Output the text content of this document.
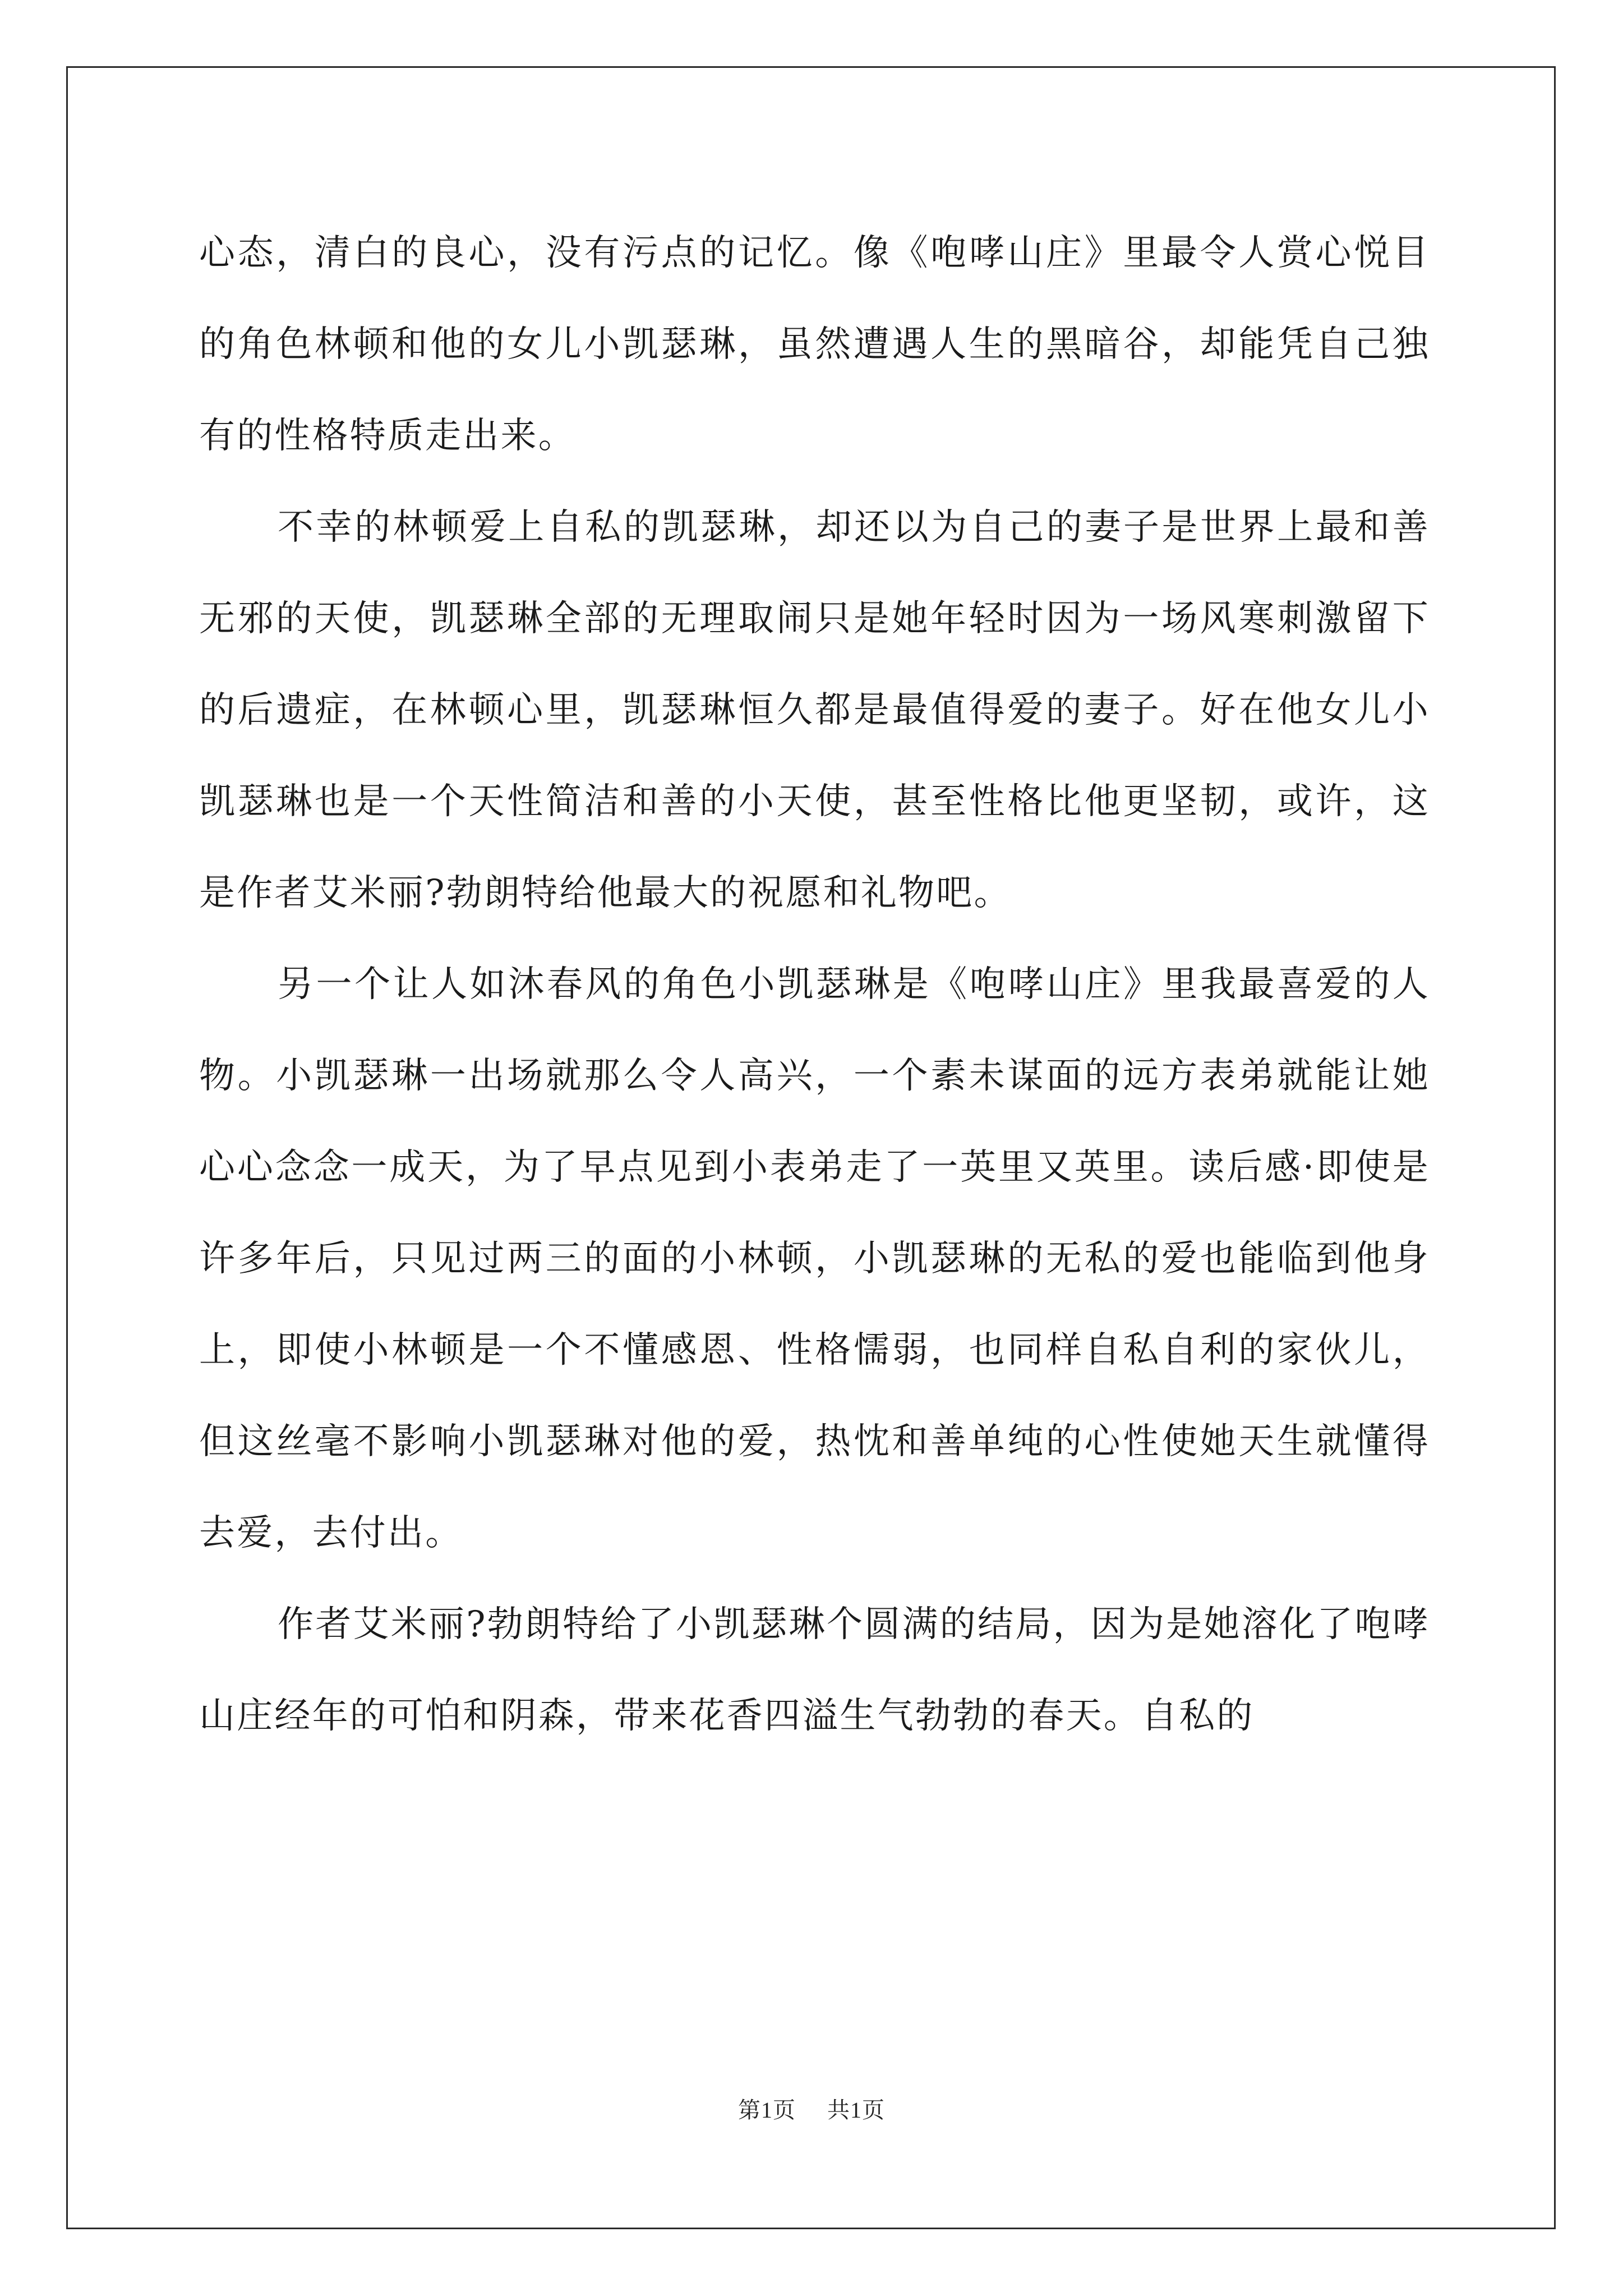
心态，清白的良心，没有污点的记忆。像《咆哮山庄》里最令人赏心悦目的角色林顿和他的女儿小凯瑟琳，虽然遭遇人生的黑暗谷，却能凭自己独有的性格特质走出来。

不幸的林顿爱上自私的凯瑟琳，却还以为自己的妻子是世界上最和善无邪的天使，凯瑟琳全部的无理取闹只是她年轻时因为一场风寒刺激留下的后遗症，在林顿心里，凯瑟琳恒久都是最值得爱的妻子。好在他女儿小凯瑟琳也是一个天性简洁和善的小天使，甚至性格比他更坚韧，或许，这是作者艾米丽?勃朗特给他最大的祝愿和礼物吧。

另一个让人如沐春风的角色小凯瑟琳是《咆哮山庄》里我最喜爱的人物。小凯瑟琳一出场就那么令人高兴，一个素未谋面的远方表弟就能让她心心念念一成天，为了早点见到小表弟走了一英里又英里。读后感·即使是许多年后，只见过两三的面的小林顿，小凯瑟琳的无私的爱也能临到他身上，即使小林顿是一个不懂感恩、性格懦弱，也同样自私自利的家伙儿，但这丝毫不影响小凯瑟琳对他的爱，热忱和善单纯的心性使她天生就懂得去爱，去付出。

作者艾米丽?勃朗特给了小凯瑟琳个圆满的结局，因为是她溶化了咆哮山庄经年的可怕和阴森，带来花香四溢生气勃勃的春天。自私的

第1页 共1页
